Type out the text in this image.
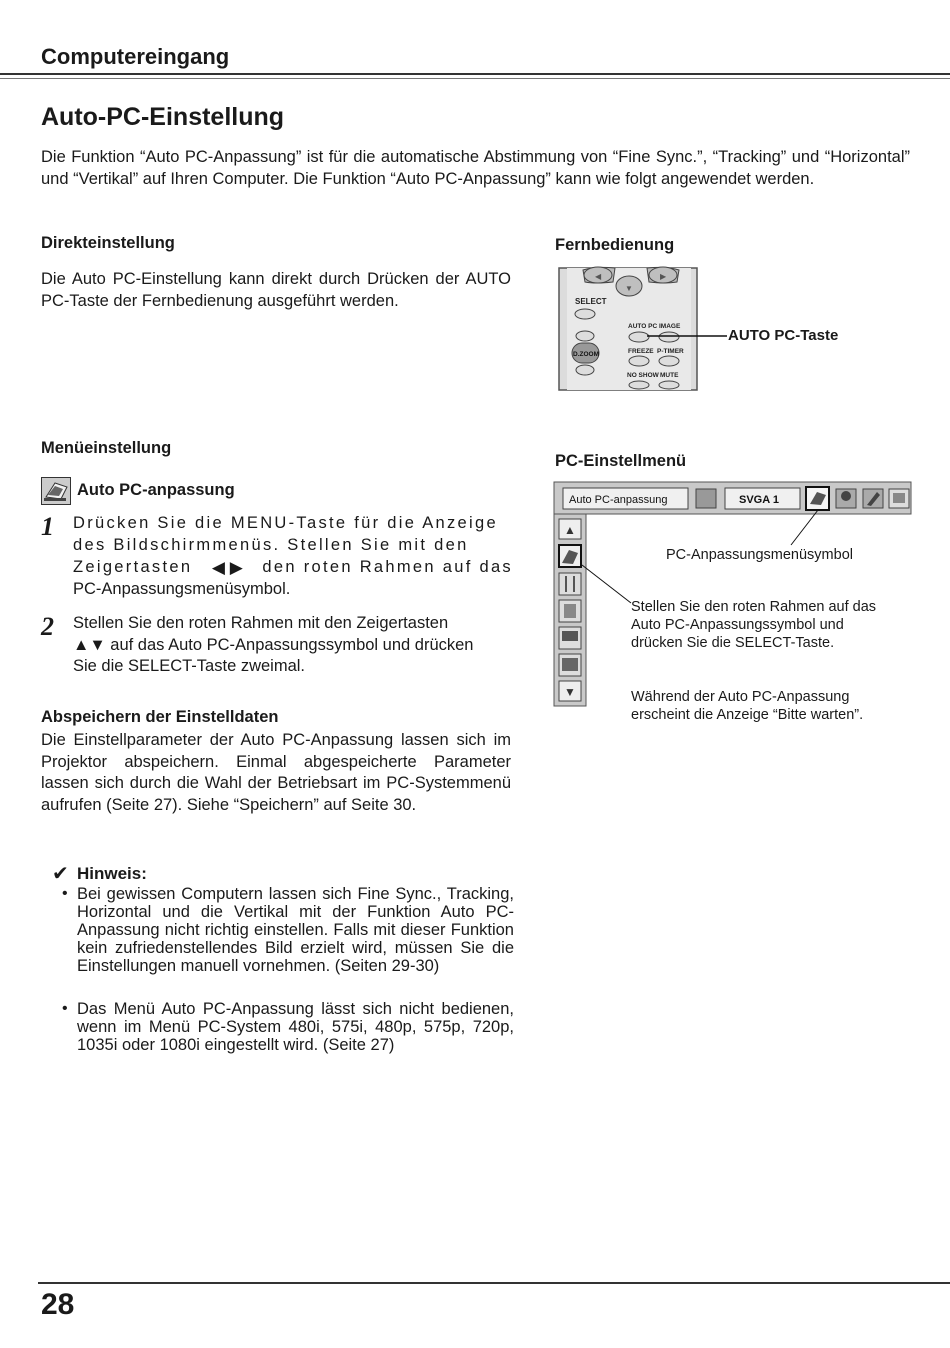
Computereingang
Auto-PC-Einstellung
Die Funktion “Auto PC-Anpassung” ist für die automatische Abstimmung von “Fine Sync.”, “Tracking” und “Horizontal” und “Vertikal” auf Ihren Computer. Die Funktion “Auto PC-Anpassung” kann wie folgt angewendet werden.
Direkteinstellung
Die Auto PC-Einstellung kann direkt durch Drücken der AUTO PC-Taste der Fernbedienung ausgeführt werden.
Fernbedienung
◀	▶
▼
SELECT
AUTO PC IMAGE
D.ZOOM	FREEZE P-TIMER
NO SHOW MUTE
AUTO PC-Taste
Menüeinstellung
Auto PC-anpassung
1 Drücken Sie die MENU-Taste für die Anzeige
des Bildschirmmenüs. Stellen Sie mit den
Zeigertasten ◀ ▶ den roten Rahmen auf das
PC-Anpassungsmenüsymbol.
2 Stellen Sie den roten Rahmen mit den Zeigertasten
▲▼ auf das Auto PC-Anpassungssymbol und drücken
Sie die SELECT-Taste zweimal.
Abspeichern der Einstelldaten
Die Einstellparameter der Auto PC-Anpassung lassen sich im Projektor abspeichern. Einmal abgespeicherte Parameter lassen sich durch die Wahl der Betriebsart im PC-Systemmenü aufrufen (Seite 27). Siehe “Speichern” auf Seite 30.
✔ Hinweis:
• Bei gewissen Computern lassen sich Fine Sync., Tracking, Horizontal und die Vertikal mit der Funktion Auto PC-Anpassung nicht richtig einstellen. Falls mit dieser Funktion kein zufriedenstellendes Bild erzielt wird, müssen Sie die Einstellungen manuell vornehmen. (Seiten 29-30)
• Das Menü Auto PC-Anpassung lässt sich nicht bedienen, wenn im Menü PC-System 480i, 575i, 480p, 575p, 720p, 1035i oder 1080i eingestellt wird. (Seite 27)
PC-Einstellmenü
Auto PC-anpassung	SVGA 1
▲
▼
PC-Anpassungsmenüsymbol
Stellen Sie den roten Rahmen auf das Auto PC-Anpassungssymbol und drücken Sie die SELECT-Taste.
Während der Auto PC-Anpassung erscheint die Anzeige “Bitte warten”.
28
